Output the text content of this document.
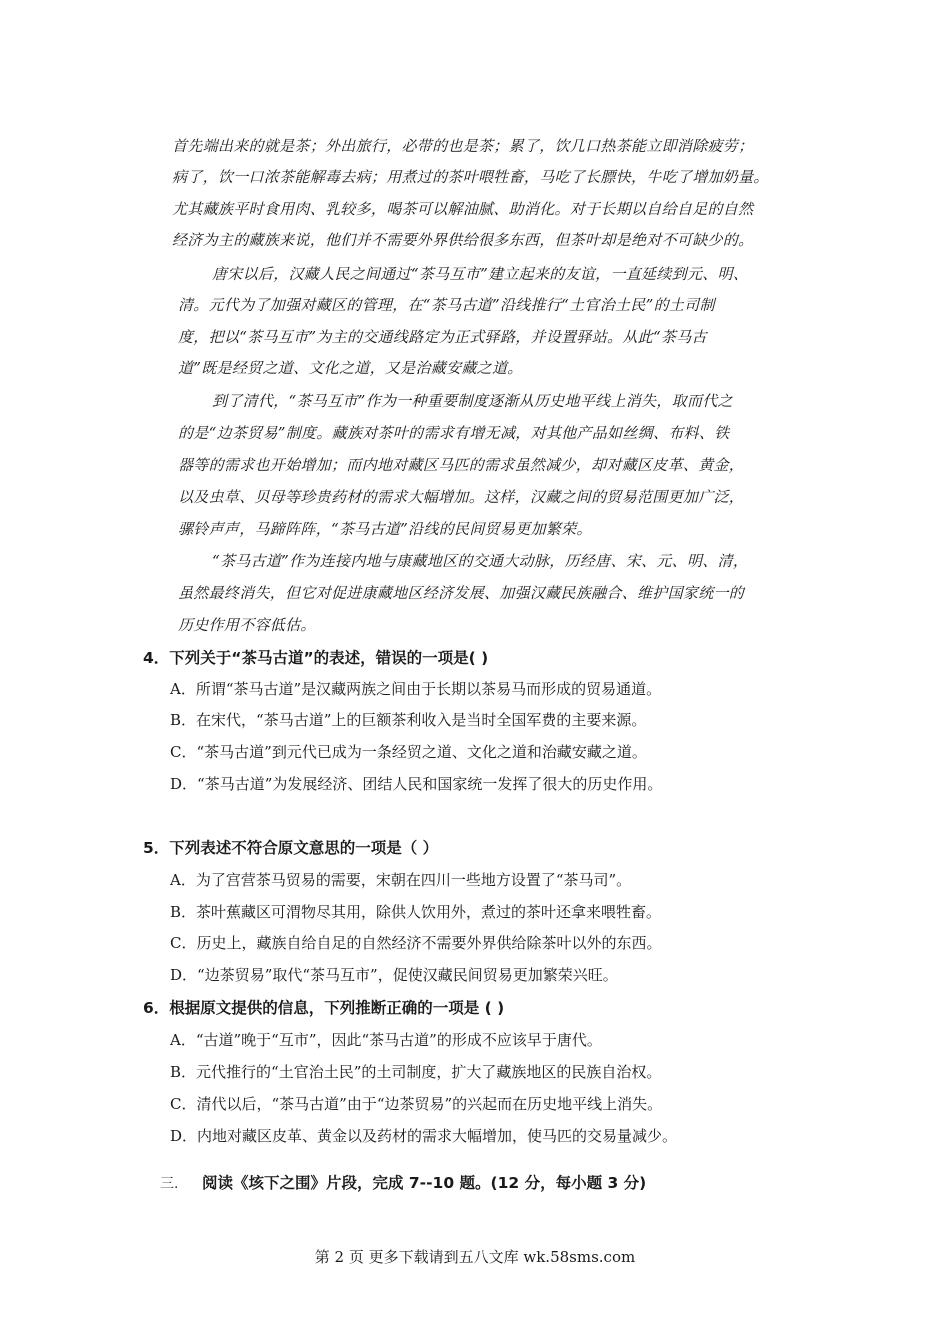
首先端出来的就是茶；外出旅行，必带的也是茶；累了，饮几口热茶能立即消除疲劳；
病了，饮一口浓茶能解毒去病；用煮过的茶叶喂牲畜，马吃了长膘快，牛吃了增加奶量。
尤其藏族平时食用肉、乳较多，喝茶可以解油腻、助消化。对于长期以自给自足的自然
经济为主的藏族来说，他们并不需要外界供给很多东西，但茶叶却是绝对不可缺少的。
唐宋以后，汉藏人民之间通过“茶马互市”建立起来的友谊，一直延续到元、明、
清。元代为了加强对藏区的管理，在“茶马古道”沿线推行“土官治土民”的土司制
度，把以“茶马互市”为主的交通线路定为正式驿路，并设置驿站。从此“茶马古
道”既是经贸之道、文化之道，又是治藏安藏之道。
到了清代，“茶马互市”作为一种重要制度逐渐从历史地平线上消失，取而代之
的是“边茶贸易”制度。藏族对茶叶的需求有增无减，对其他产品如丝绸、布料、铁
器等的需求也开始增加；而内地对藏区马匹的需求虽然减少，却对藏区皮革、黄金，
以及虫草、贝母等珍贵药材的需求大幅增加。这样，汉藏之间的贸易范围更加广泛，
骡铃声声，马蹄阵阵，“茶马古道”沿线的民间贸易更加繁荣。
“茶马古道”作为连接内地与康藏地区的交通大动脉，历经唐、宋、元、明、清，
虽然最终消失，但它对促进康藏地区经济发展、加强汉藏民族融合、维护国家统一的
历史作用不容低估。
4．下列关于“茶马古道”的表述，错误的一项是( )
A．所谓“茶马古道”是汉藏两族之间由于长期以茶易马而形成的贸易通道。
B．在宋代，“茶马古道”上的巨额茶利收入是当时全国军费的主要来源。
C．“茶马古道”到元代已成为一条经贸之道、文化之道和治藏安藏之道。
D．“茶马古道”为发展经济、团结人民和国家统一发挥了很大的历史作用。
5．下列表述不符合原文意思的一项是（ ）
A．为了宫营茶马贸易的需要，宋朝在四川一些地方设置了“茶马司”。
B．茶叶蕉藏区可渭物尽其用，除供人饮用外，煮过的茶叶还拿来喂牲畜。
C．历史上，藏族自给自足的自然经济不需要外界供给除茶叶以外的东西。
D．“边茶贸易”取代“茶马互市”，促使汉藏民间贸易更加繁荣兴旺。
6．根据原文提供的信息，下列推断正确的一项是 ( )
A．“古道”晚于“互市”，因此“茶马古道”的形成不应该早于唐代。
B．元代推行的“土官治土民”的土司制度，扩大了藏族地区的民族自治权。
C．清代以后，“茶马古道”由于“边茶贸易”的兴起而在历史地平线上消失。
D．内地对藏区皮革、黄金以及药材的需求大幅增加，使马匹的交易量减少。
三. 阅读《垓下之围》片段，完成 7--10 题。(12 分，每小题 3 分)
第 2 页 更多下载请到五八文库 wk.58sms.com
